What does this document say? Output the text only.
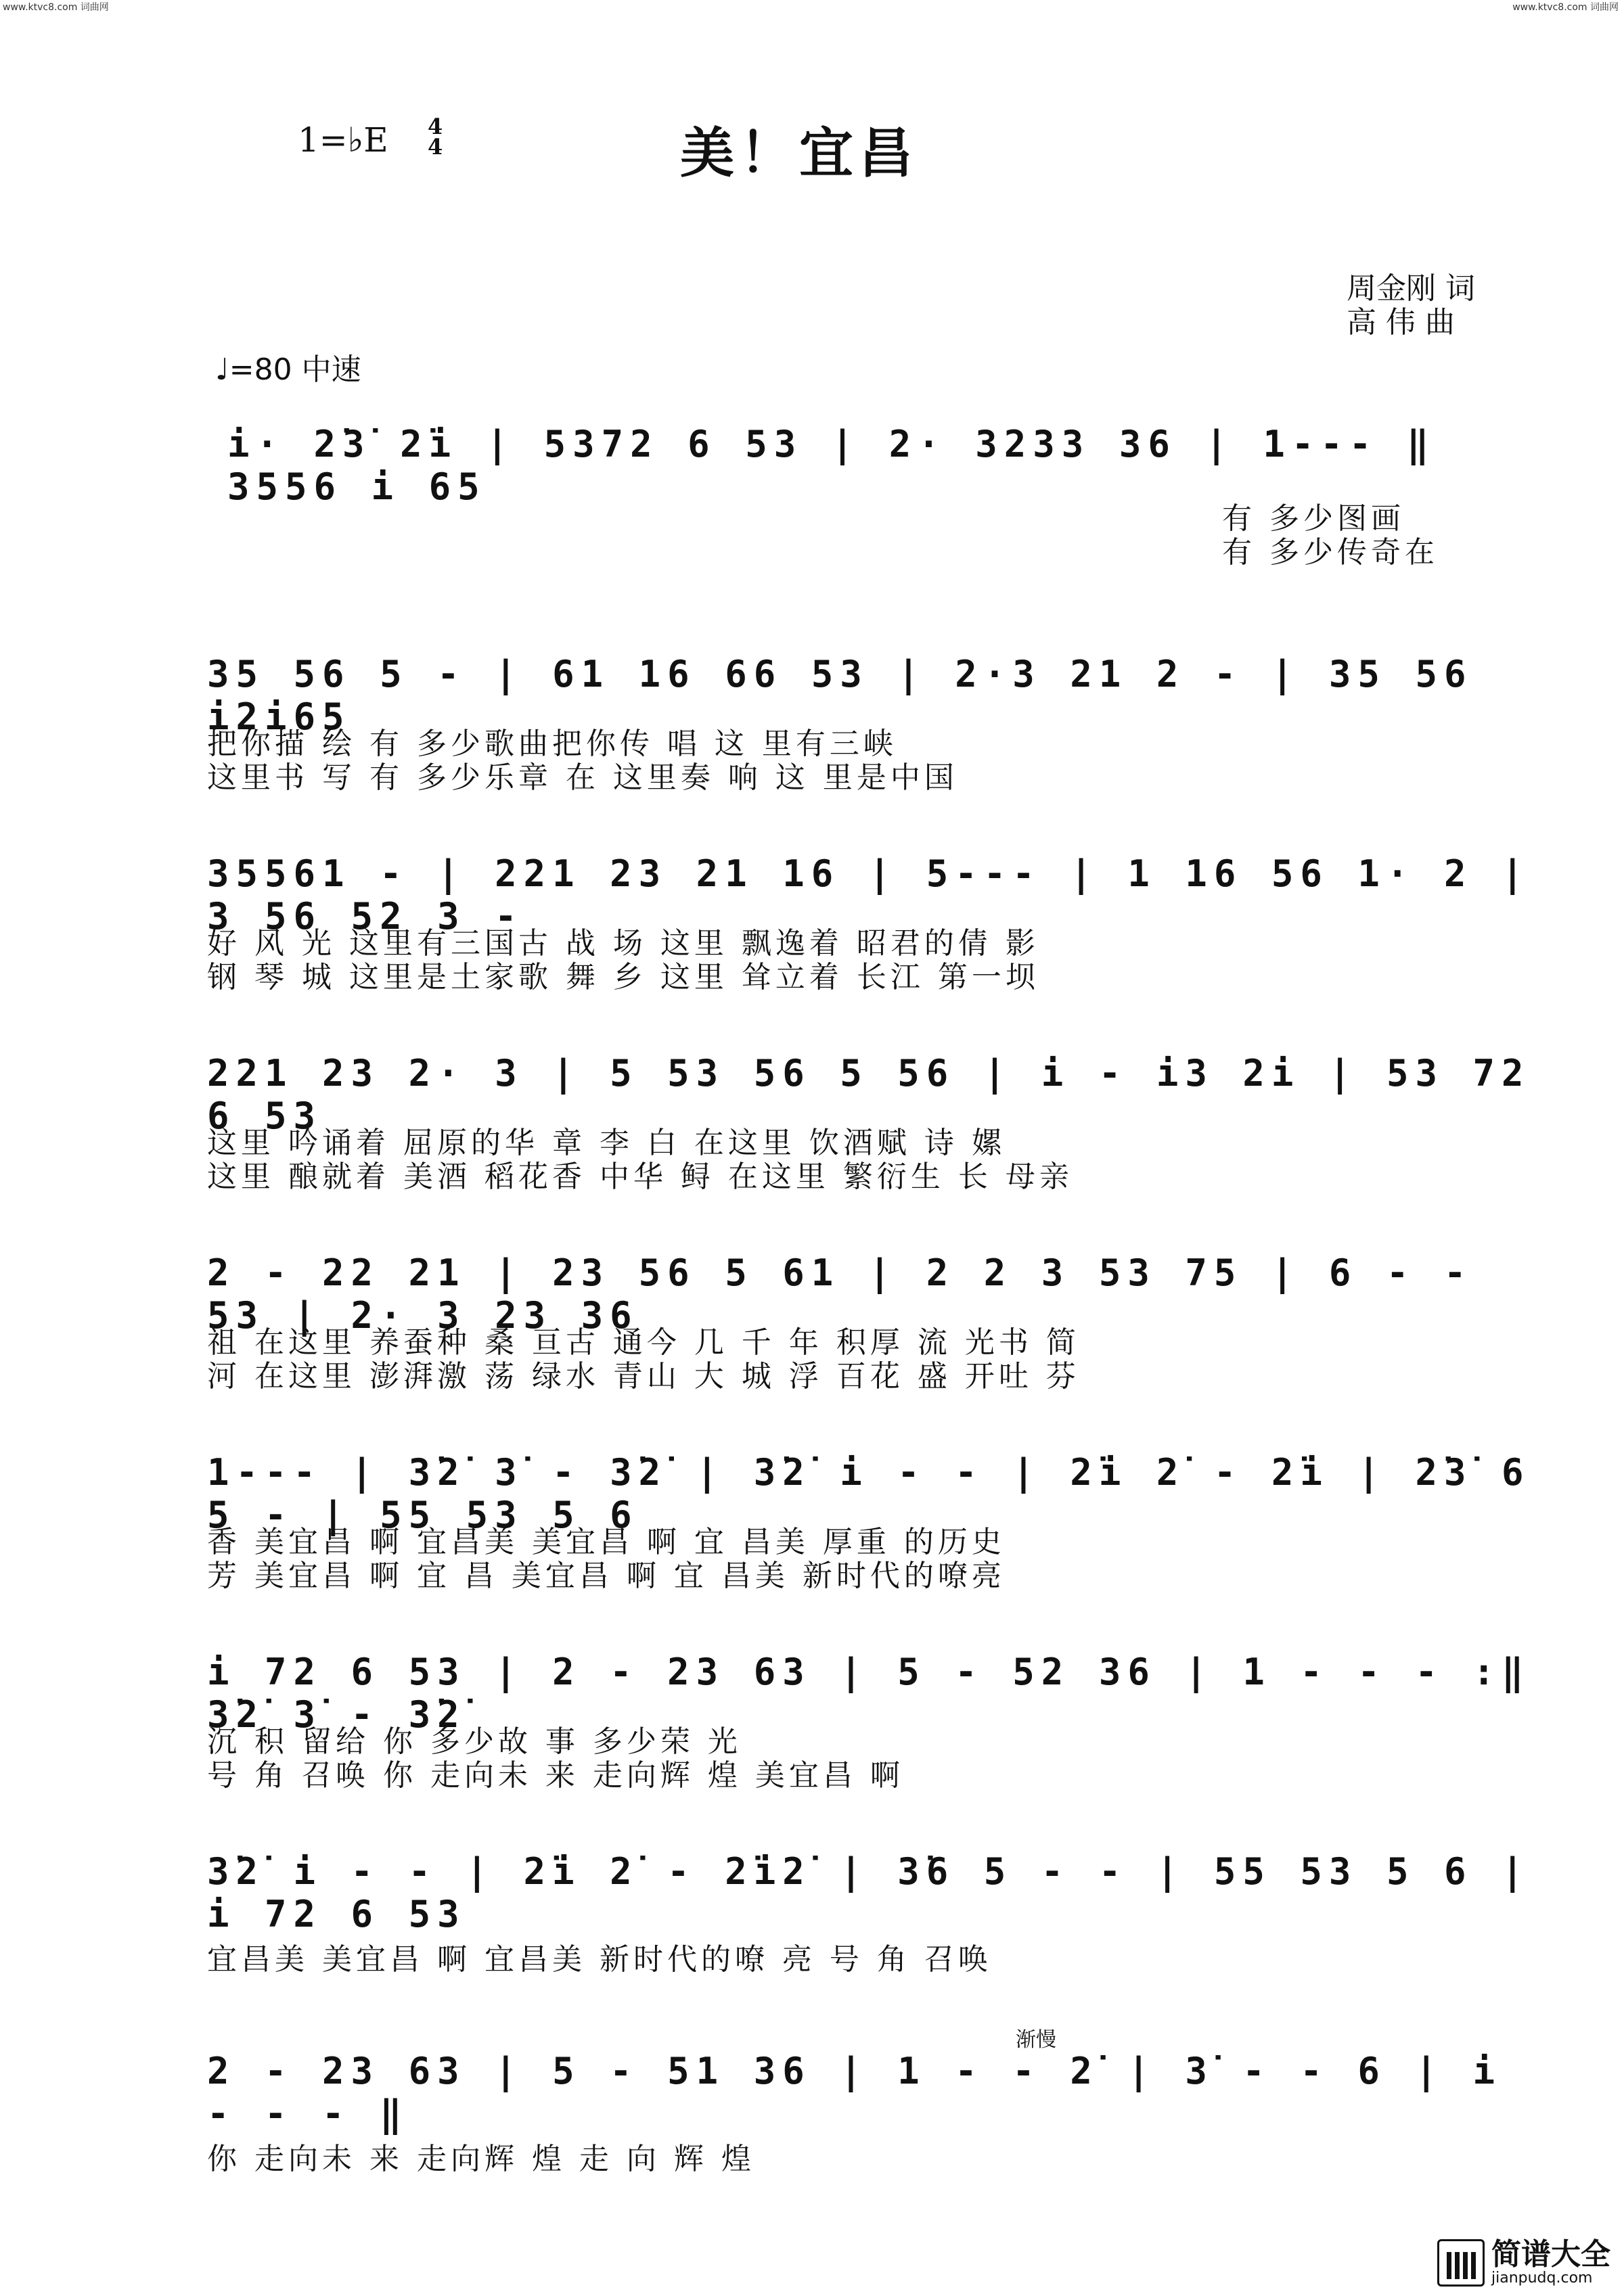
www.ktvc8.com 词曲网	www.ktvc8.com 词曲网
1=♭E 4
4	美！宜昌
周金刚 词
高 伟 曲
♩=80 中速
i· 2̇3̇ 2̇i | 5372 6 53 | 2· 3233 36 | 1--- ‖ 3556 i 65
有 多少图画
有 多少传奇在
35 56 5 - | 61 16 66 53 | 2·3 21 2 - | 35 56 i2i65
把你描 绘 有 多少歌曲把你传 唱 这 里有三峡
这里书 写 有 多少乐章 在 这里奏 响 这 里是中国
35561 - | 221 23 21 16 | 5--- | 1 16 56 1· 2 | 3 56 52 3 -
好 风 光 这里有三国古 战 场 这里 飘逸着 昭君的倩 影
钢 琴 城 这里是土家歌 舞 乡 这里 耸立着 长江 第一坝
221 23 2· 3 | 5 53 56 5 56 | i - i3 2i | 53 72 6 53
这里 吟诵着 屈原的华 章 李 白 在这里 饮酒赋 诗 嫘
这里 酿就着 美酒 稻花香 中华 鲟 在这里 繁衍生 长 母亲
2 - 22 21 | 23 56 5 61 | 2 2 3 53 75 | 6 - - 53 | 2· 3 23 36
祖 在这里 养蚕种 桑 亘古 通今 几 千 年 积厚 流 光书 简
河 在这里 澎湃激 荡 绿水 青山 大 城 浮 百花 盛 开吐 芬
1--- | 3̇2̇ 3̇ - 3̇2̇ | 3̇2̇ i - - | 2̇i 2̇ - 2̇i | 2̇3̇ 6 5 - | 55 53 5 6
香 美宜昌 啊 宜昌美 美宜昌 啊 宜 昌美 厚重 的历史
芳 美宜昌 啊 宜 昌 美宜昌 啊 宜 昌美 新时代的嘹亮
i 72 6 53 | 2 - 23 63 | 5 - 52 36 | 1 - - - :‖ 3̇2̇ 3̇ - 3̇2̇
沉 积 留给 你 多少故 事 多少荣 光
号 角 召唤 你 走向未 来 走向辉 煌 美宜昌 啊
3̇2̇ i - - | 2̇i 2̇ - 2̇i2̇ | 3̇6 5 - - | 55 53 5 6 | i 72 6 53
宜昌美 美宜昌 啊 宜昌美 新时代的嘹 亮 号 角 召唤
渐慢
2 - 23 63 | 5 - 51 36 | 1 - - 2̇ | 3̇ - - 6 | i - - - ‖
你 走向未 来 走向辉 煌 走 向 辉 煌
简谱大全
jianpudq.com
